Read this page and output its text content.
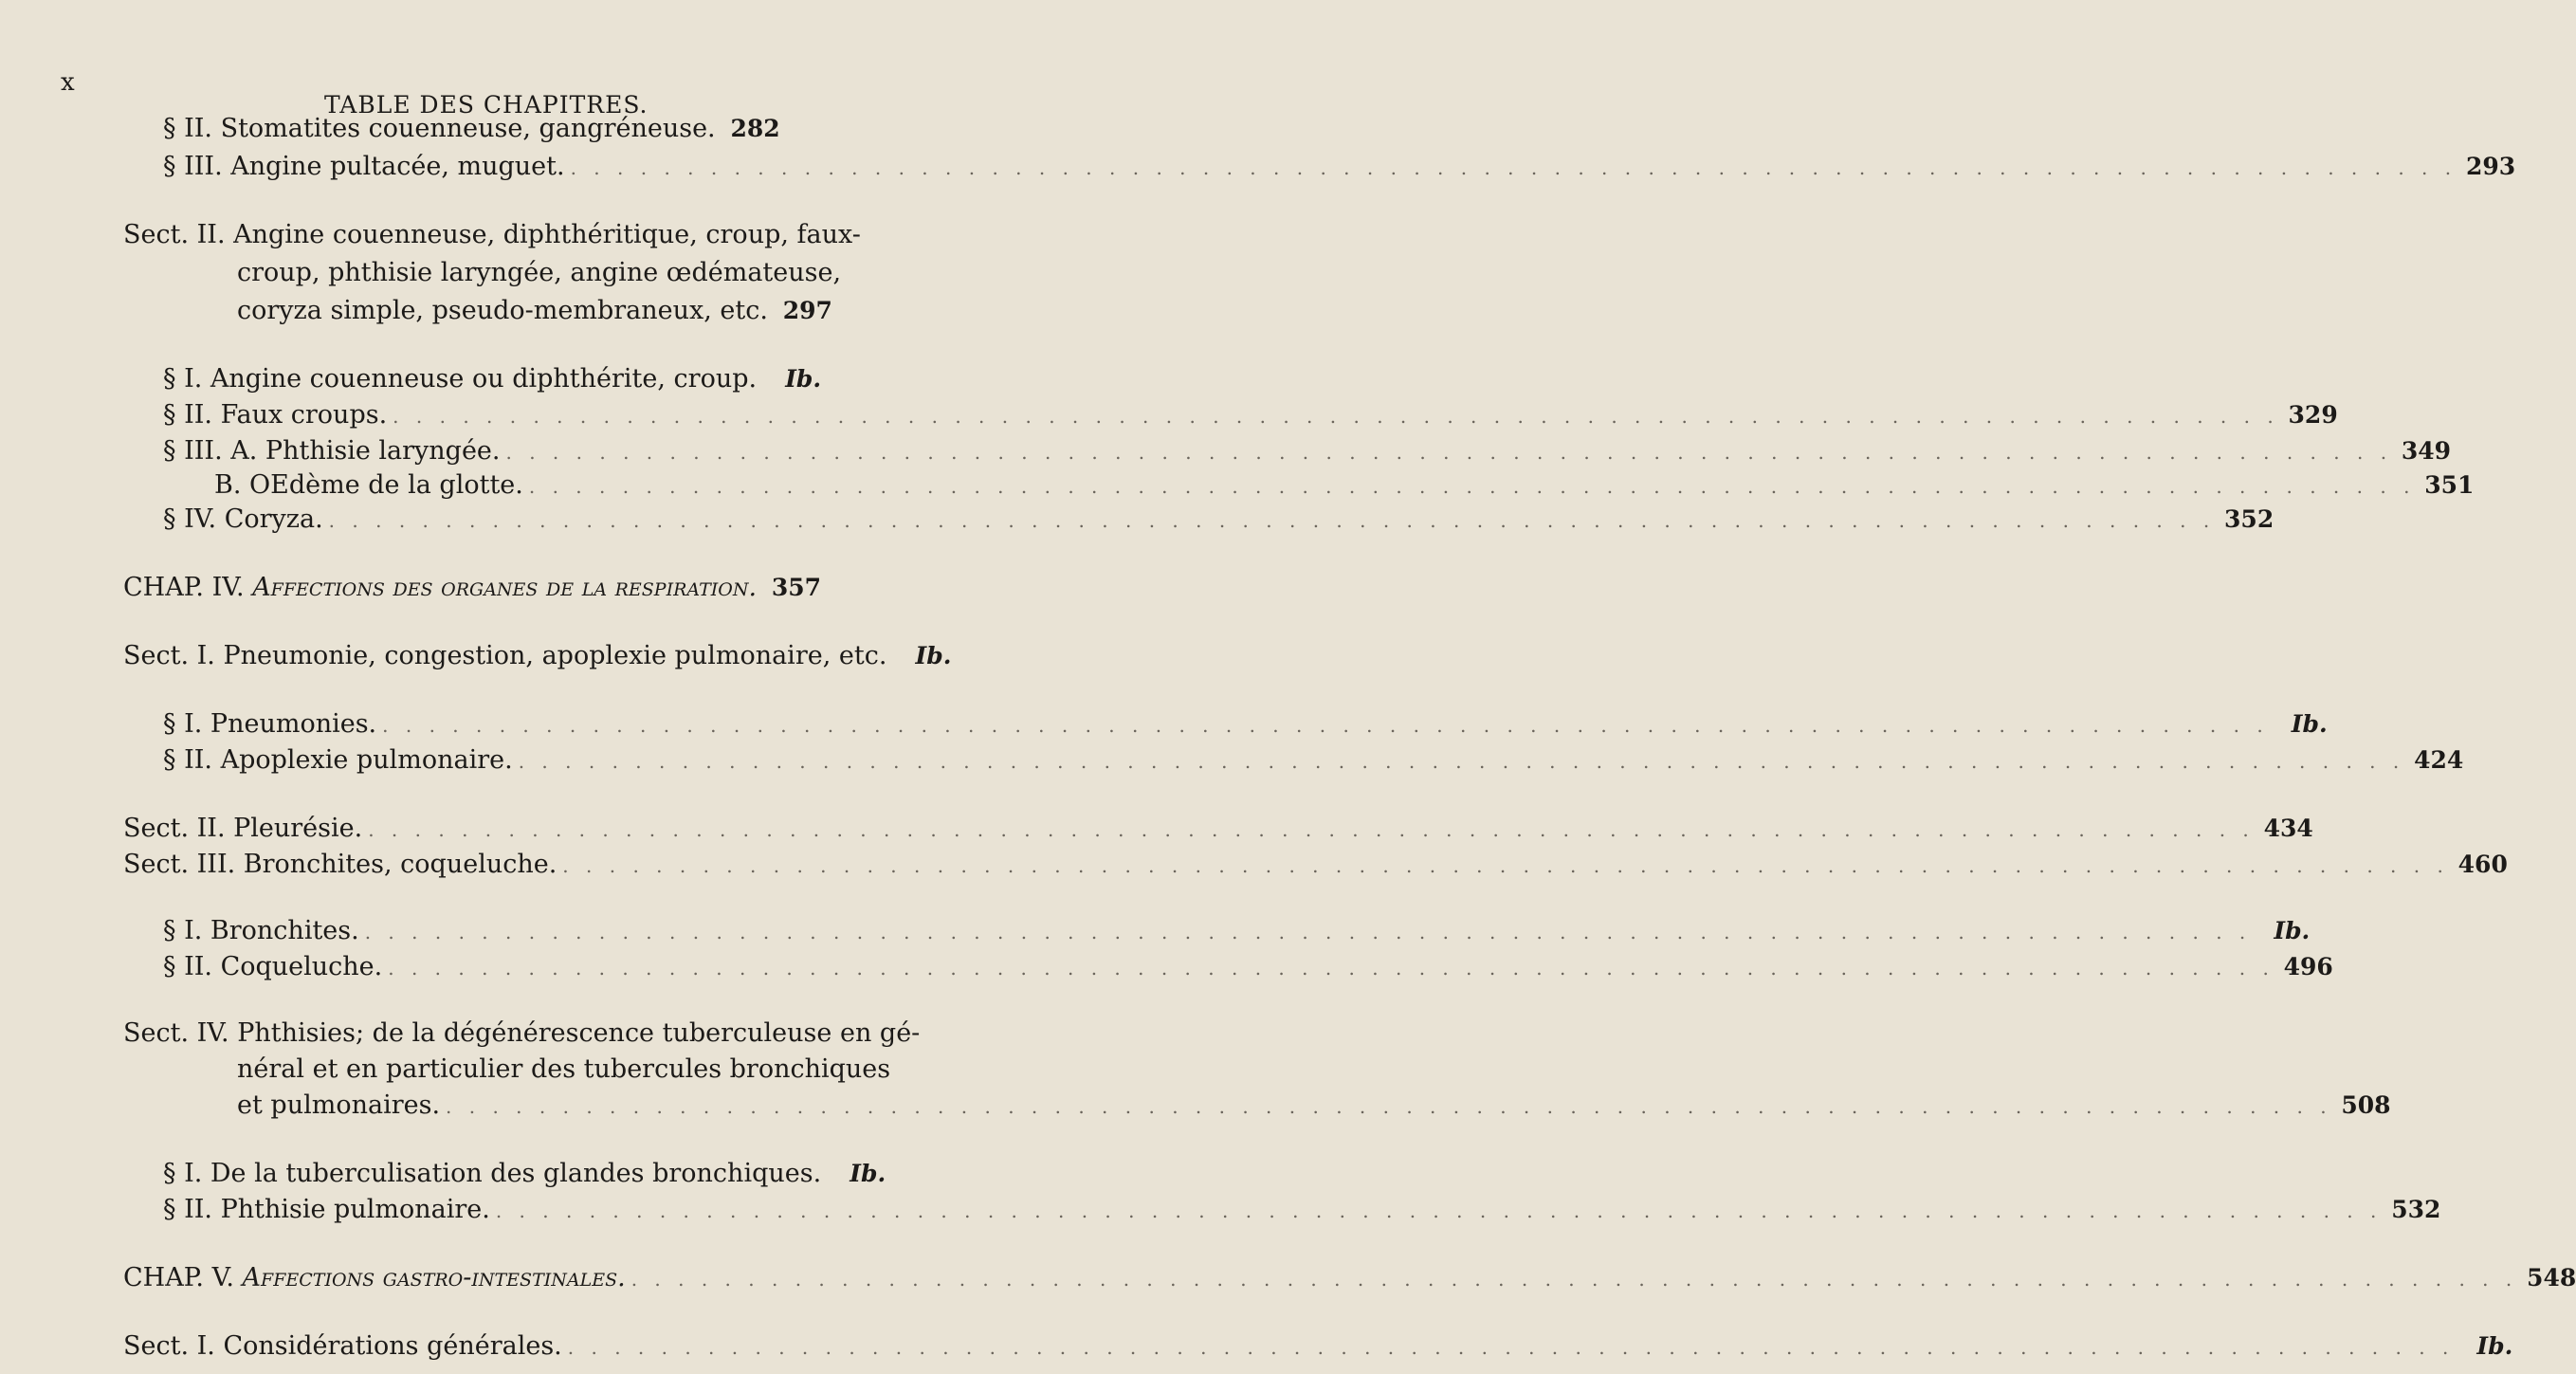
x
TABLE DES CHAPITRES.
§ II. Stomatites couenneuse, gangréneuse. 282
§ III. Angine pultacée, muguet. . . .	293
Sect. II. Angine couenneuse, diphthéritique, croup, faux-
croup, phthisie laryngée, angine œdémateuse,
coryza simple, pseudo-membraneux, etc. 297
§ I. Angine couenneuse ou diphthérite, croup.	Ib.
§ II. Faux croups. . . .	329
§ III. A. Phthisie laryngée. . . .	349
B. OEdème de la glotte. . . .	351
§ IV. Coryza. . . .	352
CHAP. IV. Affections des organes de la respiration. 357
Sect. I. Pneumonie, congestion, apoplexie pulmonaire, etc.	Ib.
§ I. Pneumonies. . . .	Ib.
§ II. Apoplexie pulmonaire. . . .	424
Sect. II. Pleurésie. . . .	434
Sect. III. Bronchites, coqueluche. . . .	460
§ I. Bronchites. . . .	Ib.
§ II. Coqueluche. . . .	496
Sect. IV. Phthisies; de la dégénérescence tuberculeuse en gé-
néral et en particulier des tubercules bronchiques
et pulmonaires. . . .	508
§ I. De la tuberculisation des glandes bronchiques.	Ib.
§ II. Phthisie pulmonaire. . . .	532
CHAP. V. Affections gastro-intestinales. . . .	548
Sect. I. Considérations générales. . . .	Ib.
